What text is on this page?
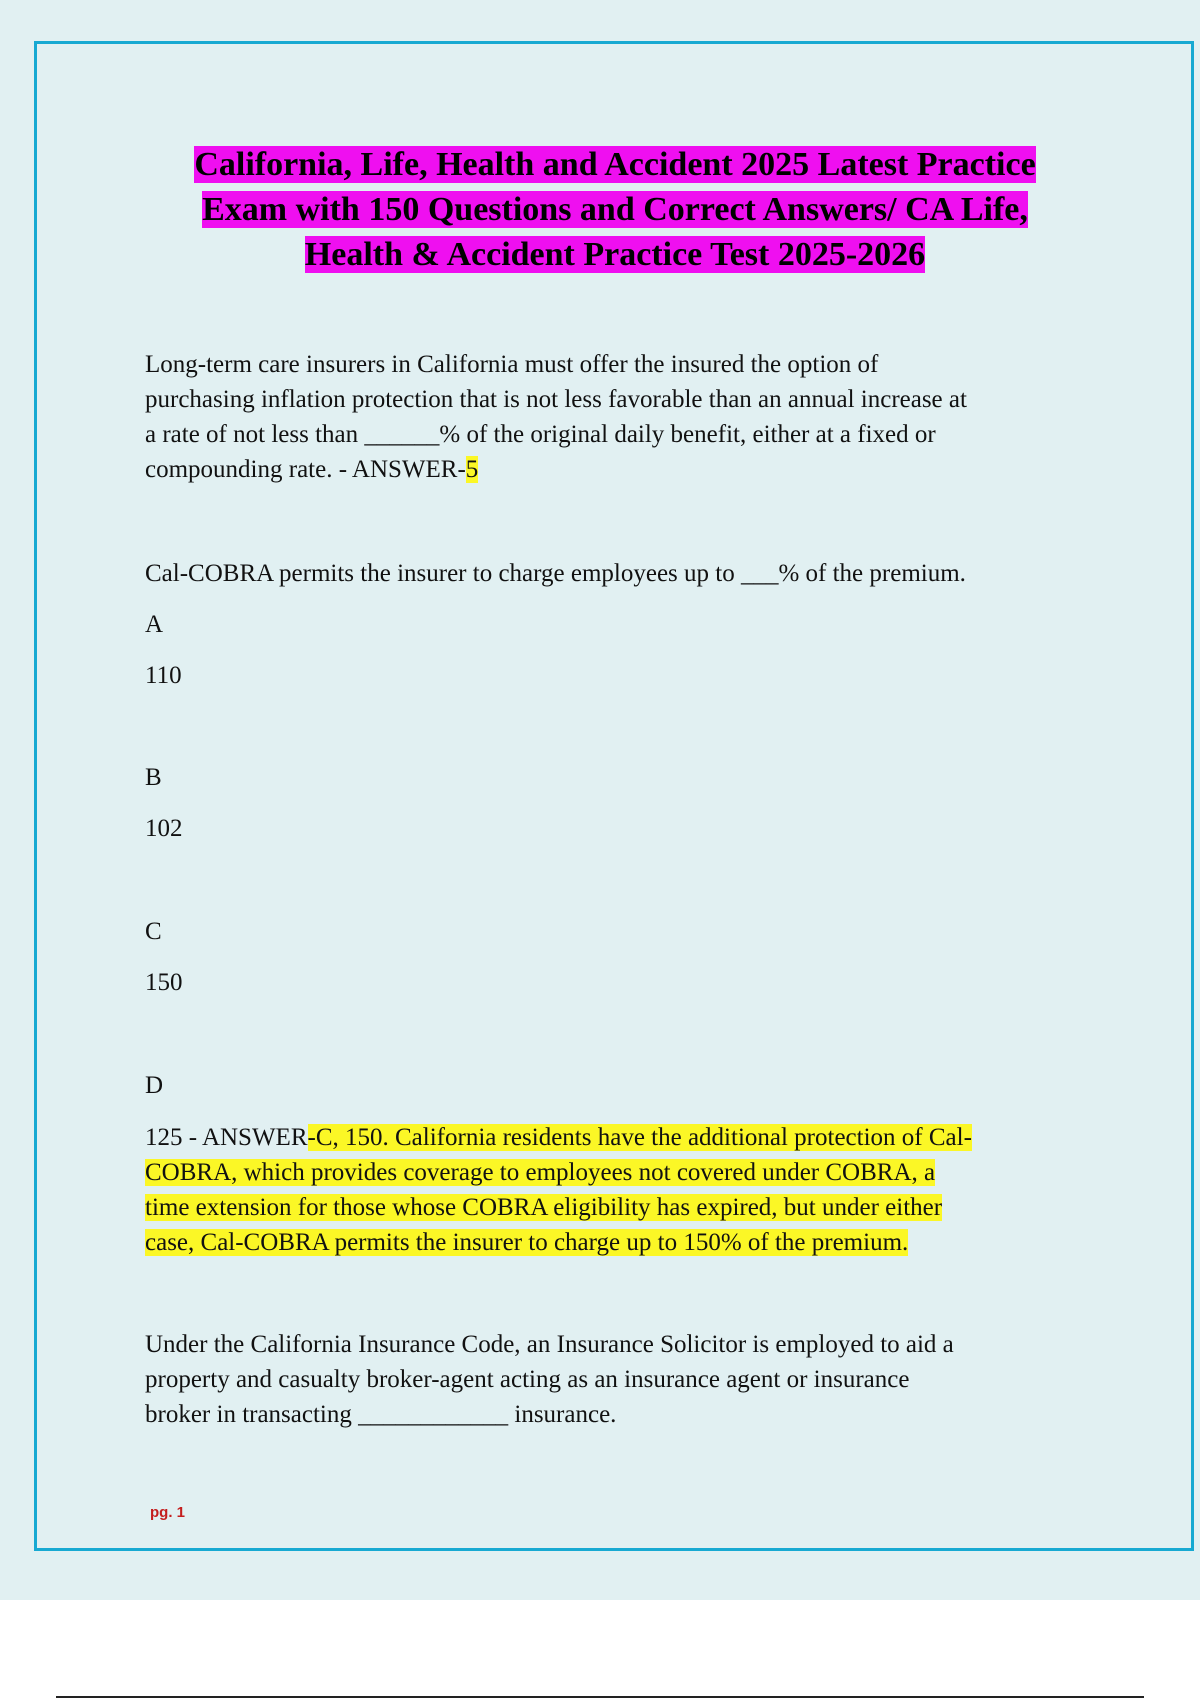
California, Life, Health and Accident 2025 Latest Practice
Exam with 150 Questions and Correct Answers/ CA Life,
Health & Accident Practice Test 2025-2026
Long-term care insurers in California must offer the insured the option of
purchasing inflation protection that is not less favorable than an annual increase at
a rate of not less than ______% of the original daily benefit, either at a fixed or
compounding rate. - ANSWER-5
Cal-COBRA permits the insurer to charge employees up to ___% of the premium.
A
110
B
102
C
150
D
125 - ANSWER-C, 150. California residents have the additional protection of Cal-
COBRA, which provides coverage to employees not covered under COBRA, a
time extension for those whose COBRA eligibility has expired, but under either
case, Cal-COBRA permits the insurer to charge up to 150% of the premium.
Under the California Insurance Code, an Insurance Solicitor is employed to aid a
property and casualty broker-agent acting as an insurance agent or insurance
broker in transacting ____________ insurance.
pg. 1
